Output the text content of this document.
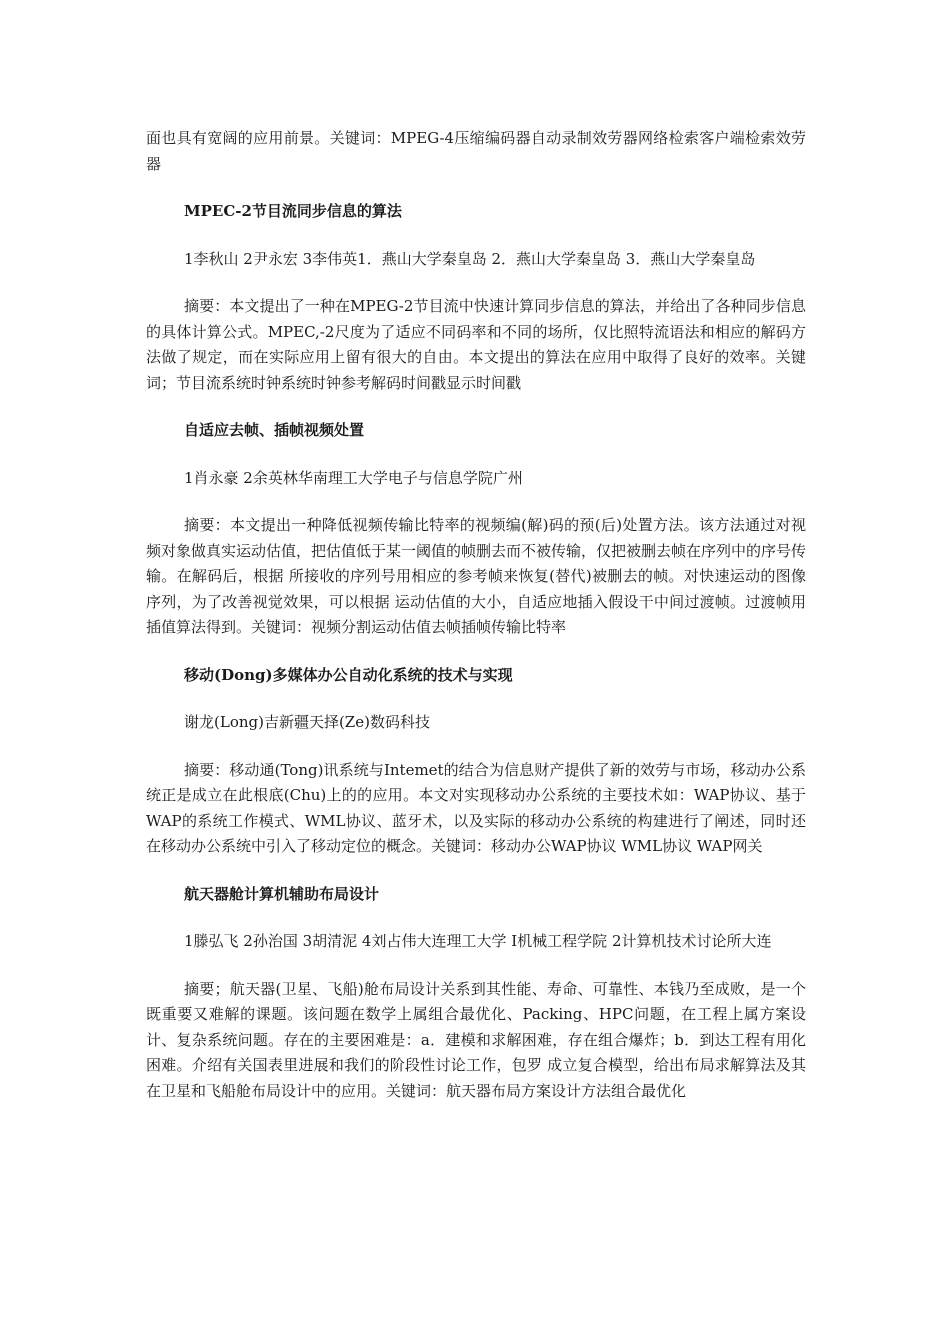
面也具有宽阔的应用前景。关键词：MPEG-4压缩编码器自动录制效劳器网络检索客户端检索效劳器

MPEC-2节目流同步信息的算法

1李秋山 2尹永宏 3李伟英1．燕山大学秦皇岛 2．燕山大学秦皇岛 3．燕山大学秦皇岛

摘要：本文提出了一种在MPEG-2节目流中快速计算同步信息的算法，并给出了各种同步信息的具体计算公式。MPEC,-2尺度为了适应不同码率和不同的场所，仅比照特流语法和相应的解码方法做了规定，而在实际应用上留有很大的自由。本文提出的算法在应用中取得了良好的效率。关键词；节目流系统时钟系统时钟参考解码时间戳显示时间戳

自适应去帧、插帧视频处置

1肖永豪 2余英林华南理工大学电子与信息学院广州

摘要：本文提出一种降低视频传输比特率的视频编(解)码的预(后)处置方法。该方法通过对视频对象做真实运动估值，把估值低于某一阈值的帧删去而不被传输，仅把被删去帧在序列中的序号传输。在解码后，根据 所接收的序列号用相应的参考帧来恢复(替代)被删去的帧。对快速运动的图像序列，为了改善视觉效果，可以根据 运动估值的大小，自适应地插入假设干中间过渡帧。过渡帧用插值算法得到。关键词：视频分割运动估值去帧插帧传输比特率

移动(Dong)多媒体办公自动化系统的技术与实现

谢龙(Long)吉新疆天择(Ze)数码科技

摘要：移动通(Tong)讯系统与Intemet的结合为信息财产提供了新的效劳与市场，移动办公系统正是成立在此根底(Chu)上的的应用。本文对实现移动办公系统的主要技术如：WAP协议、基于WAP的系统工作模式、WML协议、蓝牙术，以及实际的移动办公系统的构建进行了阐述，同时还在移动办公系统中引入了移动定位的概念。关键词：移动办公WAP协议 WML协议 WAP网关

航天器舱计算机辅助布局设计

1滕弘飞 2孙治国 3胡清泥 4刘占伟大连理工大学 I机械工程学院 2计算机技术讨论所大连

摘要；航天器(卫星、飞船)舱布局设计关系到其性能、寿命、可靠性、本钱乃至成败，是一个既重要又难解的课题。该问题在数学上属组合最优化、Packing、HPC问题，在工程上属方案设计、复杂系统问题。存在的主要困难是：a．建模和求解困难，存在组合爆炸；b．到达工程有用化困难。介绍有关国表里进展和我们的阶段性讨论工作，包罗 成立复合模型，给出布局求解算法及其在卫星和飞船舱布局设计中的应用。关键词：航天器布局方案设计方法组合最优化
